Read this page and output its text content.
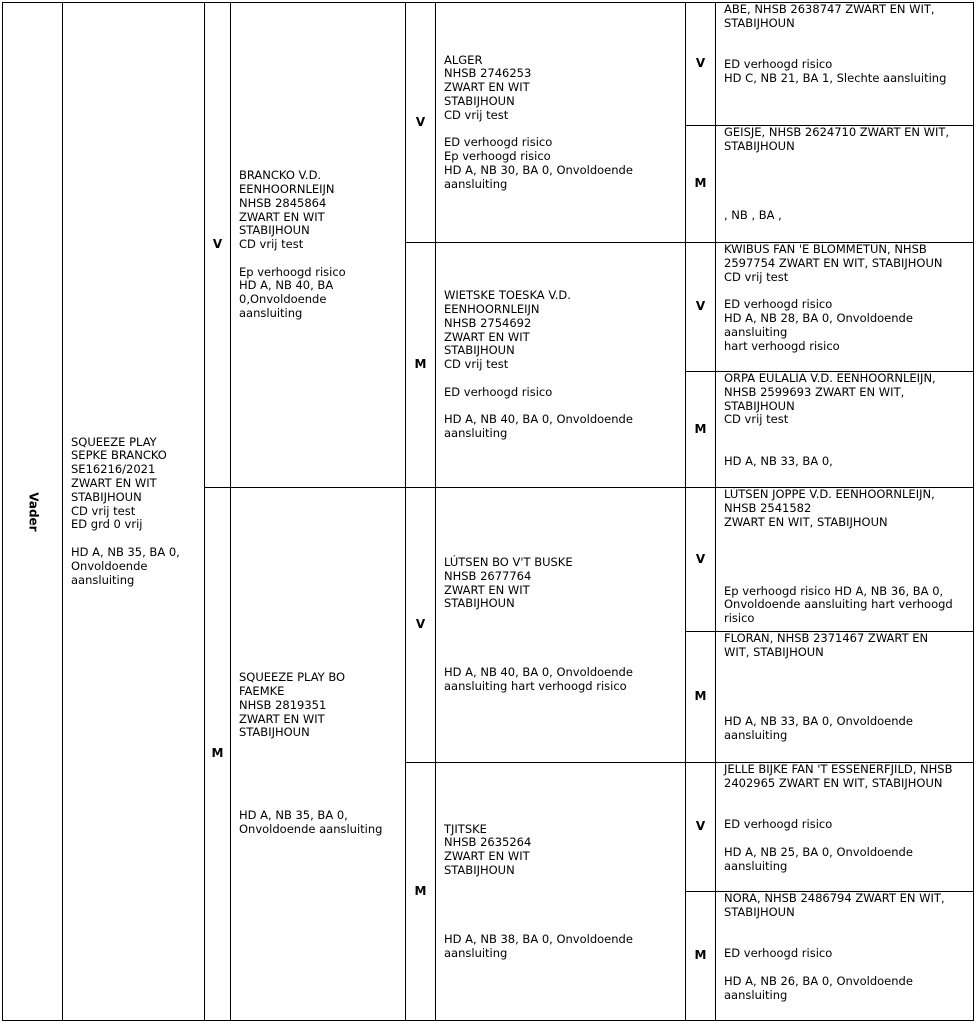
Vader
SQUEEZE PLAY
SEPKE BRANCKO
SE16216/2021
ZWART EN WIT
STABIJHOUN
CD vrij test
ED grd 0 vrij
HD A, NB 35, BA 0,
Onvoldoende
aansluiting
V
M
BRANCKO V.D.
EENHOORNLEIJN
NHSB 2845864
ZWART EN WIT
STABIJHOUN
CD vrij test
Ep verhoogd risico
HD A, NB 40, BA
0,Onvoldoende
aansluiting
SQUEEZE PLAY BO
FAEMKE
NHSB 2819351
ZWART EN WIT
STABIJHOUN
HD A, NB 35, BA 0,
Onvoldoende aansluiting
V
M
V
M
ALGER
NHSB 2746253
ZWART EN WIT
STABIJHOUN
CD vrij test
ED verhoogd risico
Ep verhoogd risico
HD A, NB 30, BA 0, Onvoldoende
aansluiting
WIETSKE TOESKA V.D.
EENHOORNLEIJN
NHSB 2754692
ZWART EN WIT
STABIJHOUN
CD vrij test
ED verhoogd risico
HD A, NB 40, BA 0, Onvoldoende
aansluiting
LÚTSEN BO V'T BUSKE
NHSB 2677764
ZWART EN WIT
STABIJHOUN
HD A, NB 40, BA 0, Onvoldoende
aansluiting hart verhoogd risico
TJITSKE
NHSB 2635264
ZWART EN WIT
STABIJHOUN
HD A, NB 38, BA 0, Onvoldoende
aansluiting
V
M
V
M
V
M
V
M
ABE, NHSB 2638747 ZWART EN WIT,
STABIJHOUN
ED verhoogd risico
HD C, NB 21, BA 1, Slechte aansluiting
GEISJE, NHSB 2624710 ZWART EN WIT,
STABIJHOUN
, NB , BA ,
KWIBUS FAN 'E BLOMMETÚN, NHSB
2597754 ZWART EN WIT, STABIJHOUN
CD vrij test
ED verhoogd risico
HD A, NB 28, BA 0, Onvoldoende
aansluiting
hart verhoogd risico
ORPA EULALIA V.D. EENHOORNLEIJN,
NHSB 2599693 ZWART EN WIT,
STABIJHOUN
CD vrij test
HD A, NB 33, BA 0,
LÚTSEN JOPPE V.D. EENHOORNLEIJN,
NHSB 2541582
ZWART EN WIT, STABIJHOUN
Ep verhoogd risico HD A, NB 36, BA 0,
Onvoldoende aansluiting hart verhoogd
risico
FLORAN, NHSB 2371467 ZWART EN
WIT, STABIJHOUN
HD A, NB 33, BA 0, Onvoldoende
aansluiting
JELLE BIJKE FAN 'T ESSENERFJILD, NHSB
2402965 ZWART EN WIT, STABIJHOUN
ED verhoogd risico
HD A, NB 25, BA 0, Onvoldoende
aansluiting
NORA, NHSB 2486794 ZWART EN WIT,
STABIJHOUN
ED verhoogd risico
HD A, NB 26, BA 0, Onvoldoende
aansluiting
